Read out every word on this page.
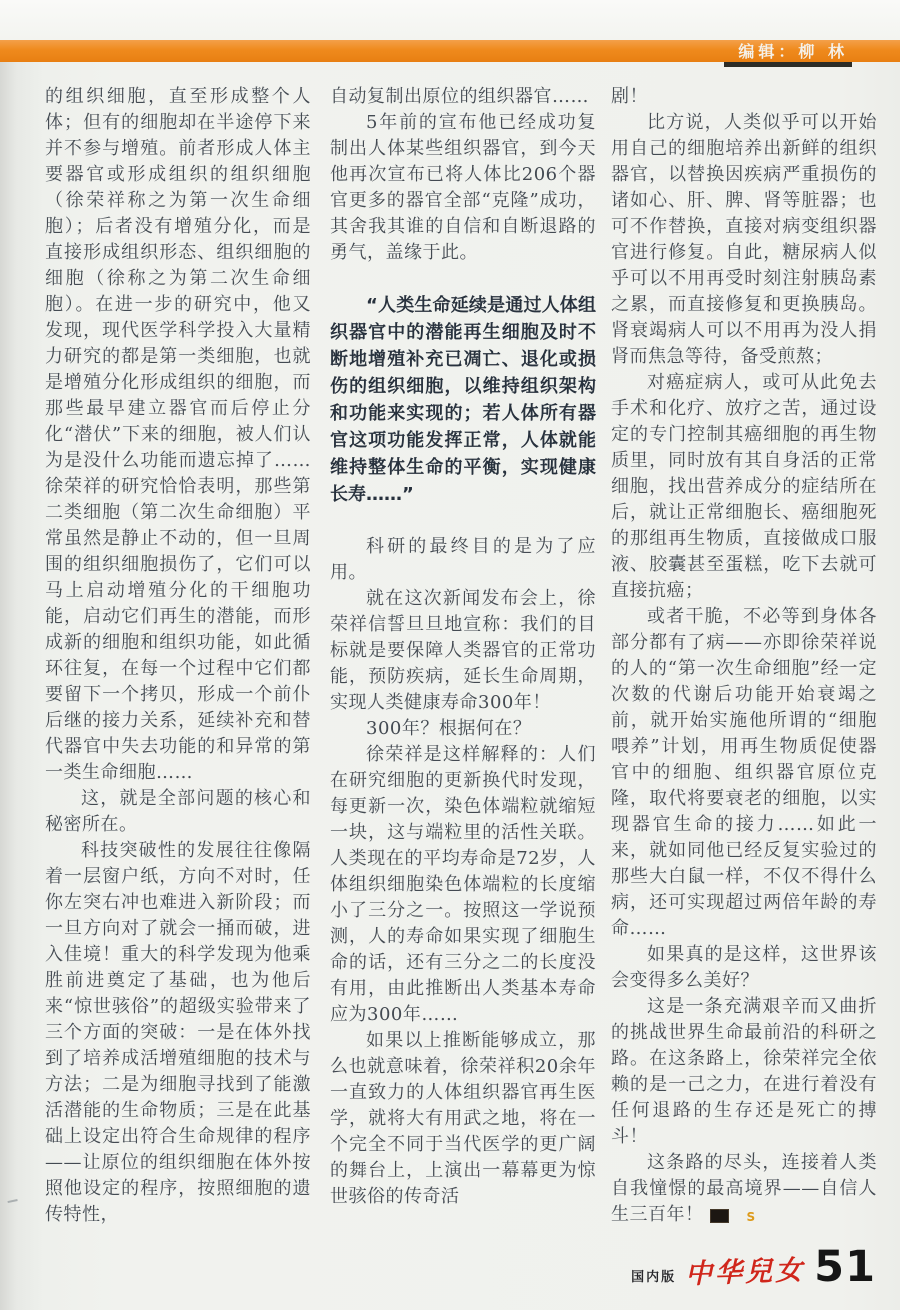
编辑：柳 林

的组织细胞，直至形成整个人体；但有的细胞却在半途停下来并不参与增殖。前者形成人体主要器官或形成组织的组织细胞（徐荣祥称之为第一次生命细胞）；后者没有增殖分化，而是直接形成组织形态、组织细胞的细胞（徐称之为第二次生命细胞）。在进一步的研究中，他又发现，现代医学科学投入大量精力研究的都是第一类细胞，也就是增殖分化形成组织的细胞，而那些最早建立器官而后停止分化“潜伏”下来的细胞，被人们认为是没什么功能而遗忘掉了……徐荣祥的研究恰恰表明，那些第二类细胞（第二次生命细胞）平常虽然是静止不动的，但一旦周围的组织细胞损伤了，它们可以马上启动增殖分化的干细胞功能，启动它们再生的潜能，而形成新的细胞和组织功能，如此循环往复，在每一个过程中它们都要留下一个拷贝，形成一个前仆后继的接力关系，延续补充和替代器官中失去功能的和异常的第一类生命细胞……

这，就是全部问题的核心和秘密所在。

科技突破性的发展往往像隔着一层窗户纸，方向不对时，任你左突右冲也难进入新阶段；而一旦方向对了就会一捅而破，进入佳境！重大的科学发现为他乘胜前进奠定了基础，也为他后来“惊世骇俗”的超级实验带来了三个方面的突破：一是在体外找到了培养成活增殖细胞的技术与方法；二是为细胞寻找到了能激活潜能的生命物质；三是在此基础上设定出符合生命规律的程序——让原位的组织细胞在体外按照他设定的程序，按照细胞的遗传特性，

自动复制出原位的组织器官……

5年前的宣布他已经成功复制出人体某些组织器官，到今天他再次宣布已将人体比206个器官更多的器官全部“克隆”成功，其舍我其谁的自信和自断退路的勇气，盖缘于此。

“人类生命延续是通过人体组织器官中的潜能再生细胞及时不断地增殖补充已凋亡、退化或损伤的组织细胞，以维持组织架构和功能来实现的；若人体所有器官这项功能发挥正常，人体就能维持整体生命的平衡，实现健康长寿……”

科研的最终目的是为了应用。

就在这次新闻发布会上，徐荣祥信誓旦旦地宣称：我们的目标就是要保障人类器官的正常功能，预防疾病，延长生命周期，实现人类健康寿命300年！

300年？根据何在？

徐荣祥是这样解释的：人们在研究细胞的更新换代时发现，每更新一次，染色体端粒就缩短一块，这与端粒里的活性关联。人类现在的平均寿命是72岁，人体组织细胞染色体端粒的长度缩小了三分之一。按照这一学说预测，人的寿命如果实现了细胞生命的话，还有三分之二的长度没有用，由此推断出人类基本寿命应为300年……

如果以上推断能够成立，那么也就意味着，徐荣祥积20余年一直致力的人体组织器官再生医学，就将大有用武之地，将在一个完全不同于当代医学的更广阔的舞台上，上演出一幕幕更为惊世骇俗的传奇活

剧！

比方说，人类似乎可以开始用自己的细胞培养出新鲜的组织器官，以替换因疾病严重损伤的诸如心、肝、脾、肾等脏器；也可不作替换，直接对病变组织器官进行修复。自此，糖尿病人似乎可以不用再受时刻注射胰岛素之累，而直接修复和更换胰岛。肾衰竭病人可以不用再为没人捐肾而焦急等待，备受煎熬；

对癌症病人，或可从此免去手术和化疗、放疗之苦，通过设定的专门控制其癌细胞的再生物质里，同时放有其自身活的正常细胞，找出营养成分的症结所在后，就让正常细胞长、癌细胞死的那组再生物质，直接做成口服液、胶囊甚至蛋糕，吃下去就可直接抗癌；

或者干脆，不必等到身体各部分都有了病——亦即徐荣祥说的人的“第一次生命细胞”经一定次数的代谢后功能开始衰竭之前，就开始实施他所谓的“细胞喂养”计划，用再生物质促使器官中的细胞、组织器官原位克隆，取代将要衰老的细胞，以实现器官生命的接力……如此一来，就如同他已经反复实验过的那些大白鼠一样，不仅不得什么病，还可实现超过两倍年龄的寿命……

如果真的是这样，这世界该会变得多么美好？

这是一条充满艰辛而又曲折的挑战世界生命最前沿的科研之路。在这条路上，徐荣祥完全依赖的是一己之力，在进行着没有任何退路的生存还是死亡的搏斗！

这条路的尽头，连接着人类自我憧憬的最高境界——自信人生三百年！	S

国内版 中华兒女 51
